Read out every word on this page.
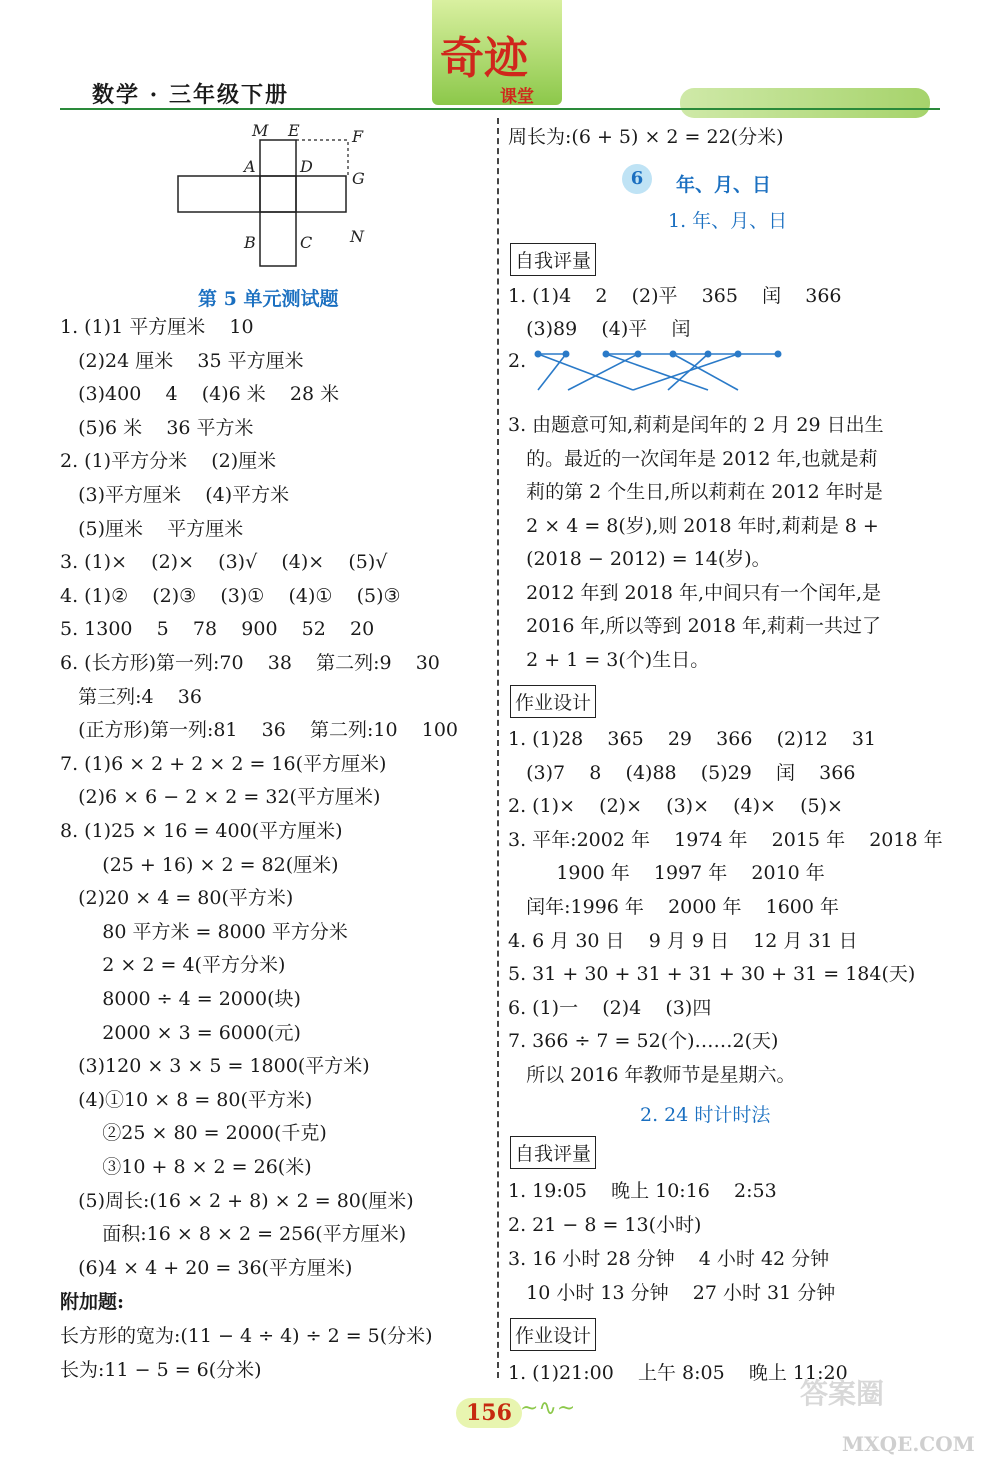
奇迹
课堂
数学 · 三年级下册
M E	F
A	D
G
B	C N
第 5 单元测试题
1. (1)1 平方厘米    10
(2)24 厘米    35 平方厘米
(3)400    4    (4)6 米    28 米
(5)6 米    36 平方米
2. (1)平方分米    (2)厘米
(3)平方厘米    (4)平方米
(5)厘米    平方厘米
3. (1)×    (2)×    (3)√    (4)×    (5)√
4. (1)②    (2)③    (3)①    (4)①    (5)③
5. 1300    5    78    900    52    20
6. (长方形)第一列:70    38    第二列:9    30
第三列:4    36
(正方形)第一列:81    36    第二列:10    100
7. (1)6 × 2 + 2 × 2 = 16(平方厘米)
(2)6 × 6 − 2 × 2 = 32(平方厘米)
8. (1)25 × 16 = 400(平方厘米)
(25 + 16) × 2 = 82(厘米)
(2)20 × 4 = 80(平方米)
80 平方米 = 8000 平方分米
2 × 2 = 4(平方分米)
8000 ÷ 4 = 2000(块)
2000 × 3 = 6000(元)
(3)120 × 3 × 5 = 1800(平方米)
(4)①10 × 8 = 80(平方米)
②25 × 80 = 2000(千克)
③10 + 8 × 2 = 26(米)
(5)周长:(16 × 2 + 8) × 2 = 80(厘米)
面积:16 × 8 × 2 = 256(平方厘米)
(6)4 × 4 + 20 = 36(平方厘米)
附加题:
长方形的宽为:(11 − 4 ÷ 4) ÷ 2 = 5(分米)
长为:11 − 5 = 6(分米)
周长为:(6 + 5) × 2 = 22(分米)
6	年、月、日
1. 年、月、日
自我评量
1. (1)4    2    (2)平    365    闰    366
(3)89    (4)平    闰
2.
3. 由题意可知,莉莉是闰年的 2 月 29 日出生
的。最近的一次闰年是 2012 年,也就是莉
莉的第 2 个生日,所以莉莉在 2012 年时是
2 × 4 = 8(岁),则 2018 年时,莉莉是 8 +
(2018 − 2012) = 14(岁)。
2012 年到 2018 年,中间只有一个闰年,是
2016 年,所以等到 2018 年,莉莉一共过了
2 + 1 = 3(个)生日。
作业设计
1. (1)28    365    29    366    (2)12    31
(3)7    8    (4)88    (5)29    闰    366
2. (1)×    (2)×    (3)×    (4)×    (5)×
3. 平年:2002 年    1974 年    2015 年    2018 年
1900 年    1997 年    2010 年
闰年:1996 年    2000 年    1600 年
4. 6 月 30 日    9 月 9 日    12 月 31 日
5. 31 + 30 + 31 + 31 + 30 + 31 = 184(天)
6. (1)一    (2)4    (3)四
7. 366 ÷ 7 = 52(个)……2(天)
所以 2016 年教师节是星期六。
2. 24 时计时法
自我评量
1. 19:05    晚上 10:16    2:53
2. 21 − 8 = 13(小时)
3. 16 小时 28 分钟    4 小时 42 分钟
10 小时 13 分钟    27 小时 31 分钟
作业设计
1. (1)21:00    上午 8:05    晚上 11:20
156 ~∿~	答案圈
MXQE.COM
